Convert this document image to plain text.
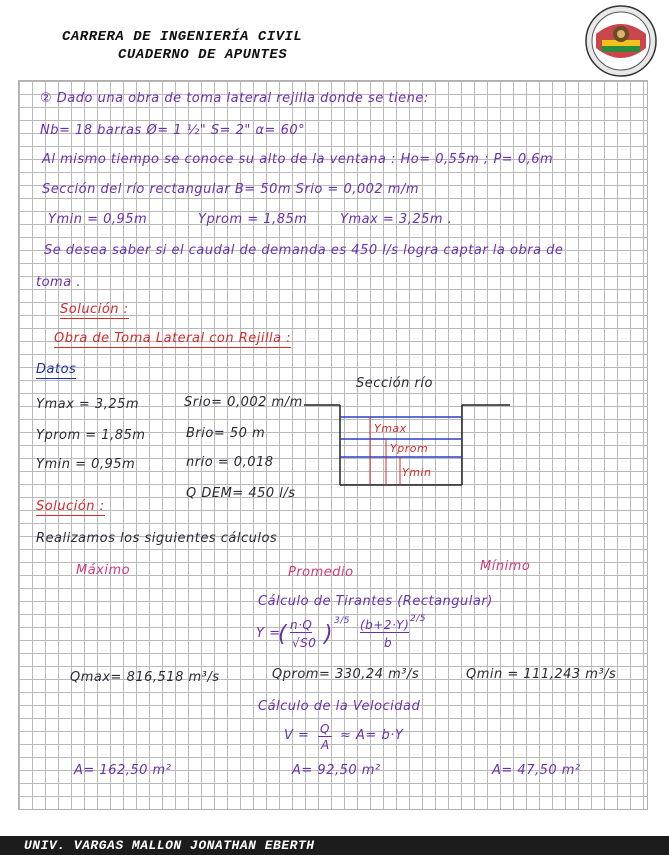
CARRERA DE INGENIERÍA CIVIL
CUADERNO DE APUNTES
② Dado una obra de toma lateral rejilla donde se tiene:
Nb= 18 barras Ø= 1 ½" S= 2" α= 60°
Al mismo tiempo se conoce su alto de la ventana : Ho= 0,55m ; P= 0,6m
Sección del río rectangular B= 50m Srio = 0,002 m/m
Ymin = 0,95m	Yprom = 1,85m	Ymax = 3,25m .
Se desea saber si el caudal de demanda es 450 l/s logra captar la obra de
toma .
Solución :
Obra de Toma Lateral con Rejilla :
Datos
Ymax = 3,25m
Yprom = 1,85m
Ymin = 0,95m
Srio= 0,002 m/m
Brio= 50 m
nrio = 0,018
Q DEM= 450 l/s
Sección río
Ymax
Yprom
Ymin
Solución :
Realizamos los siguientes cálculos
Máximo	Promedio	Mínimo
Cálculo de Tirantes (Rectangular)
Y =
( n·Q
√S0 )
3/5 (b+2·Y) 2/5
b
Qmax= 816,518 m³/s	Qprom= 330,24 m³/s	Qmin = 111,243 m³/s
Cálculo de la Velocidad
V = Q
A
≈ A= b·Y
A= 162,50 m²	A= 92,50 m²	A= 47,50 m²
UNIV. VARGAS MALLON JONATHAN EBERTH
